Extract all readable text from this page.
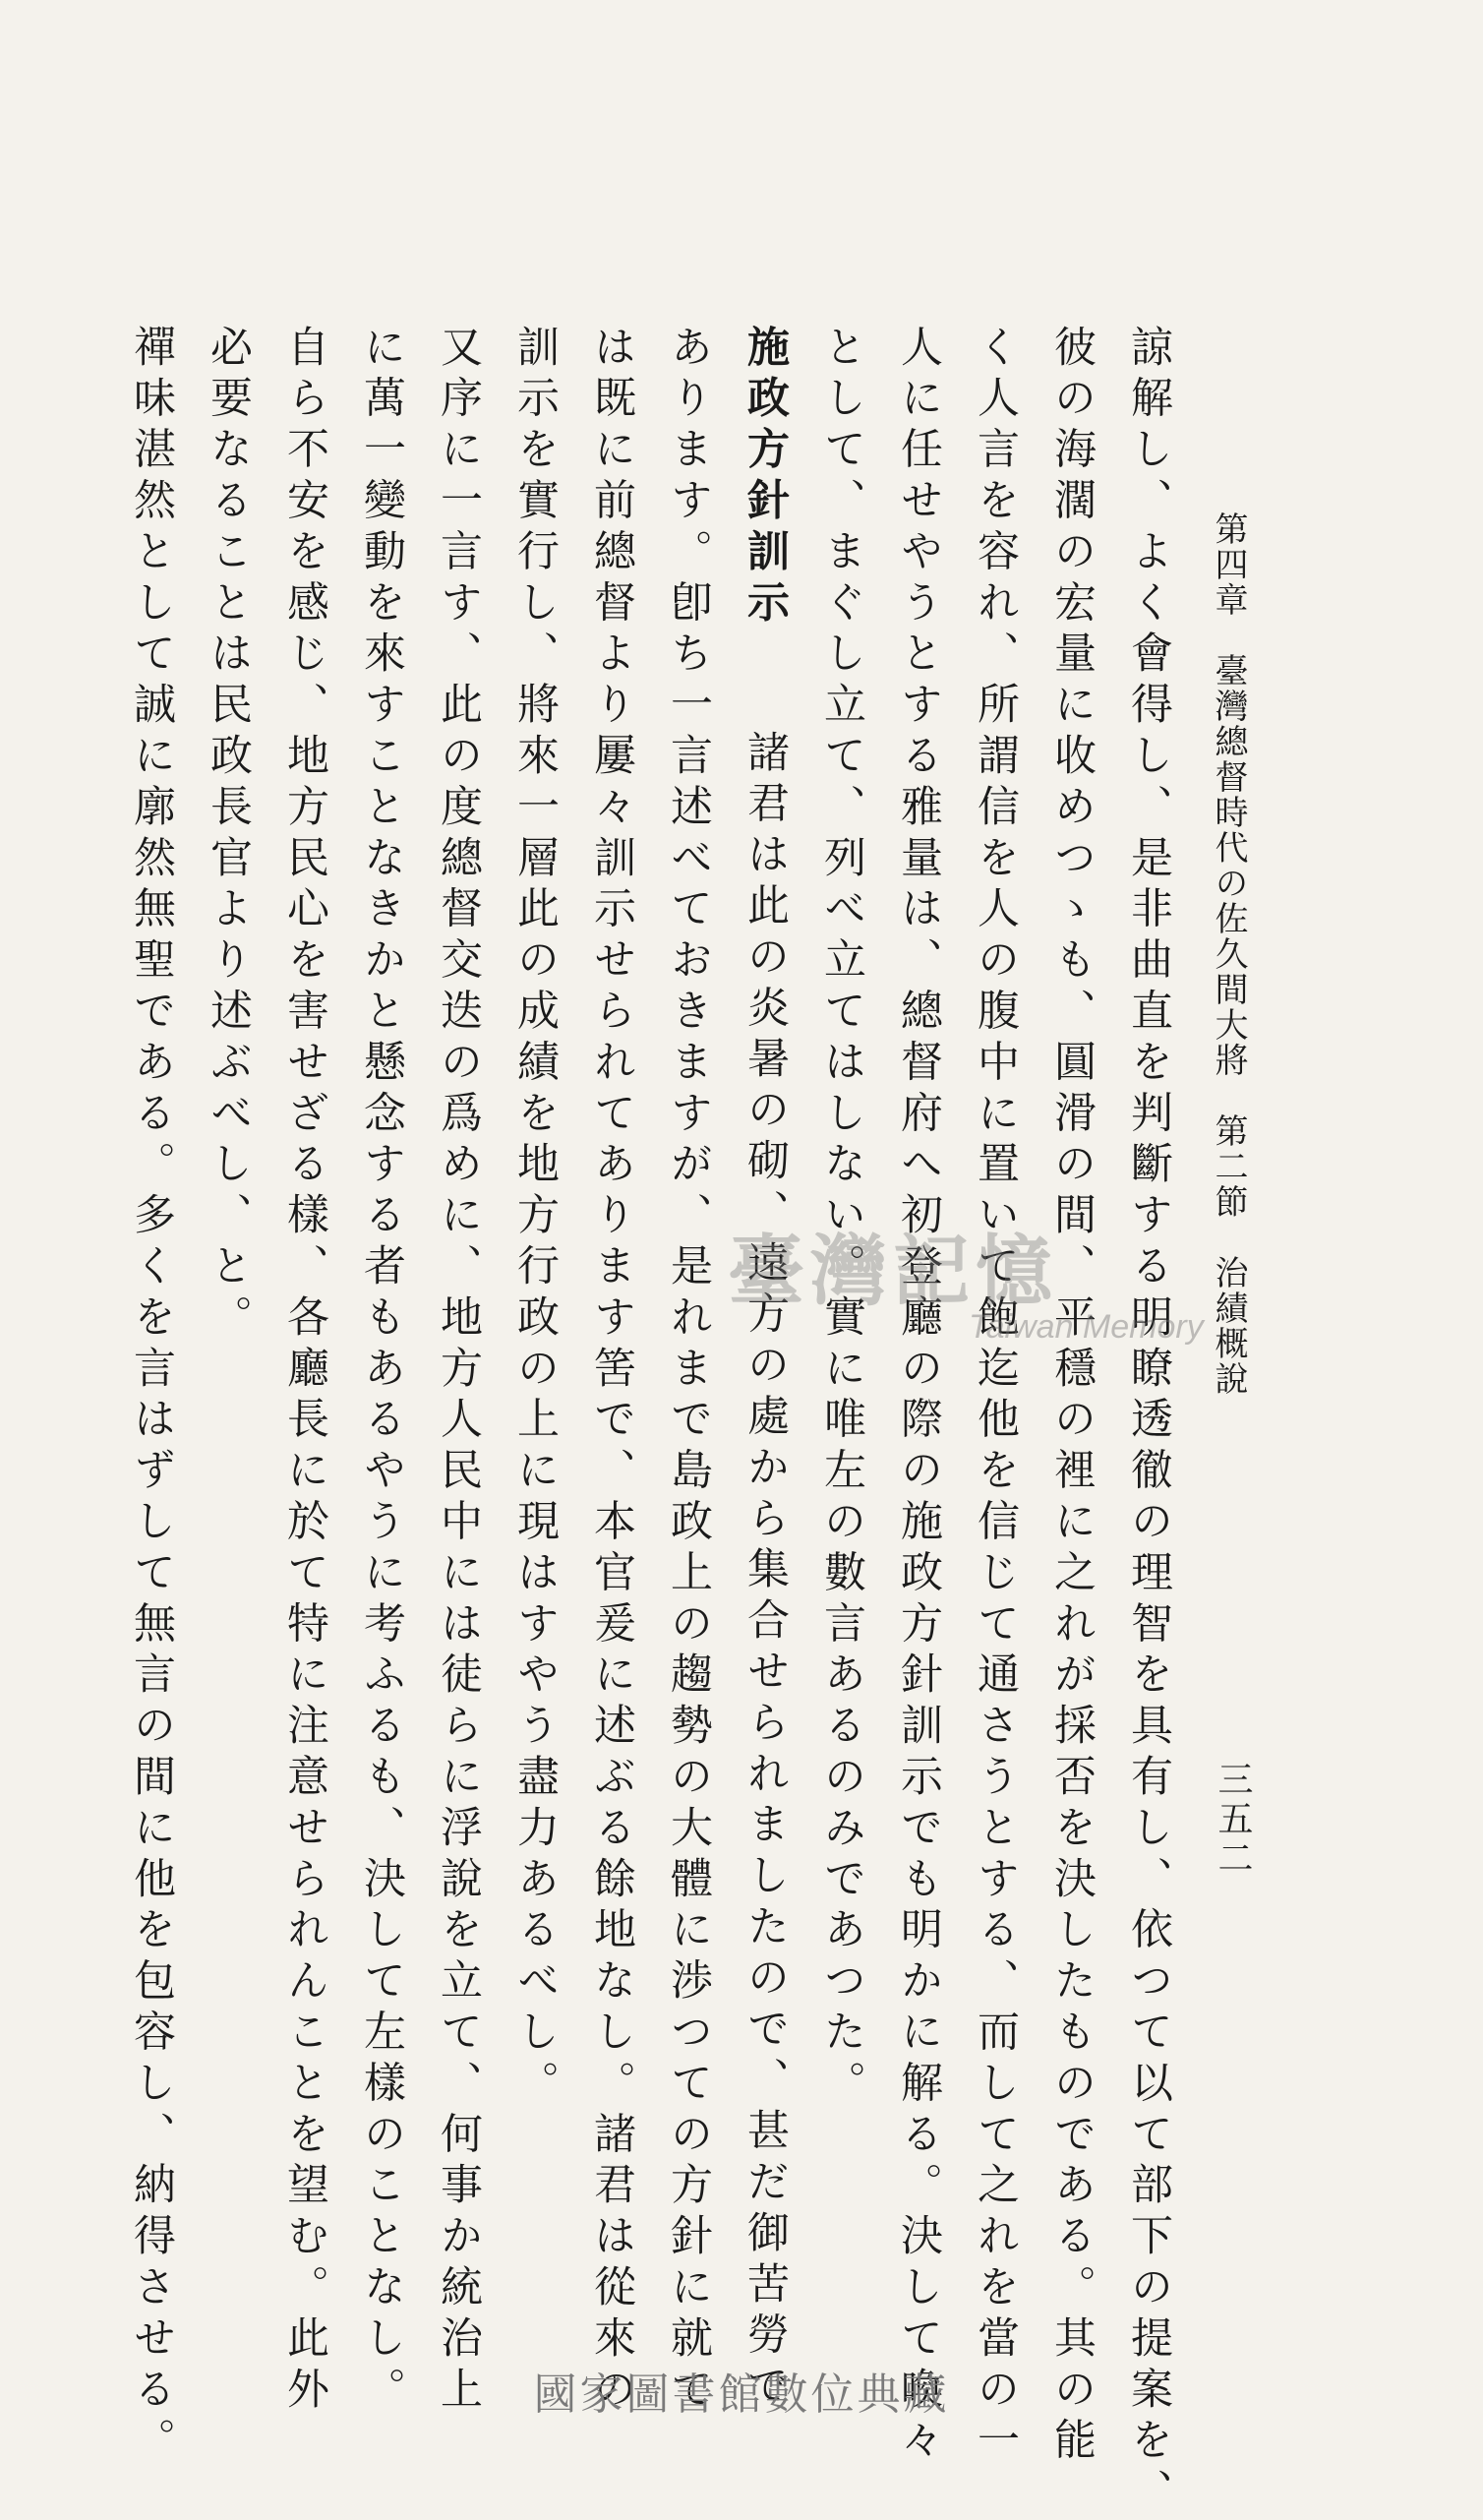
第四章　臺灣總督時代の佐久間大將　第二節　治績概說
三五二
諒解し、よく會得し、是非曲直を判斷する明瞭透徹の理智を具有し、依つて以て部下の提案を、
彼の海濶の宏量に收めつゝも、圓滑の間、平穩の裡に之れが採否を決したものである。其の能
く人言を容れ、所謂信を人の腹中に置いて飽迄他を信じて通さうとする、而して之れを當の一
人に任せやうとする雅量は、總督府へ初登廳の際の施政方針訓示でも明かに解る。決して喚々
として、まぐし立て、列べ立てはしない。實に唯左の數言あるのみであつた。
施政方針訓示
諸君は此の炎暑の砌、遠方の處から集合せられましたので、甚だ御苦勞で
あります。卽ち一言述べておきますが、是れまで島政上の趨勢の大體に渉つての方針に就て
は既に前總督より屢々訓示せられてあります筈で、本官爰に述ぶる餘地なし。諸君は從來の
訓示を實行し、將來一層此の成績を地方行政の上に現はすやう盡力あるべし。
又序に一言す、此の度總督交迭の爲めに、地方人民中には徒らに浮說を立て、何事か統治上
に萬一變動を來すことなきかと懸念する者もあるやうに考ふるも、決して左樣のことなし。
自ら不安を感じ、地方民心を害せざる樣、各廳長に於て特に注意せられんことを望む。此外
必要なることは民政長官より述ぶべし、と。
禪味湛然として誠に廓然無聖である。多くを言はずして無言の間に他を包容し、納得させる。	臺灣記憶
Taiwan Memory
國家圖書館數位典藏
